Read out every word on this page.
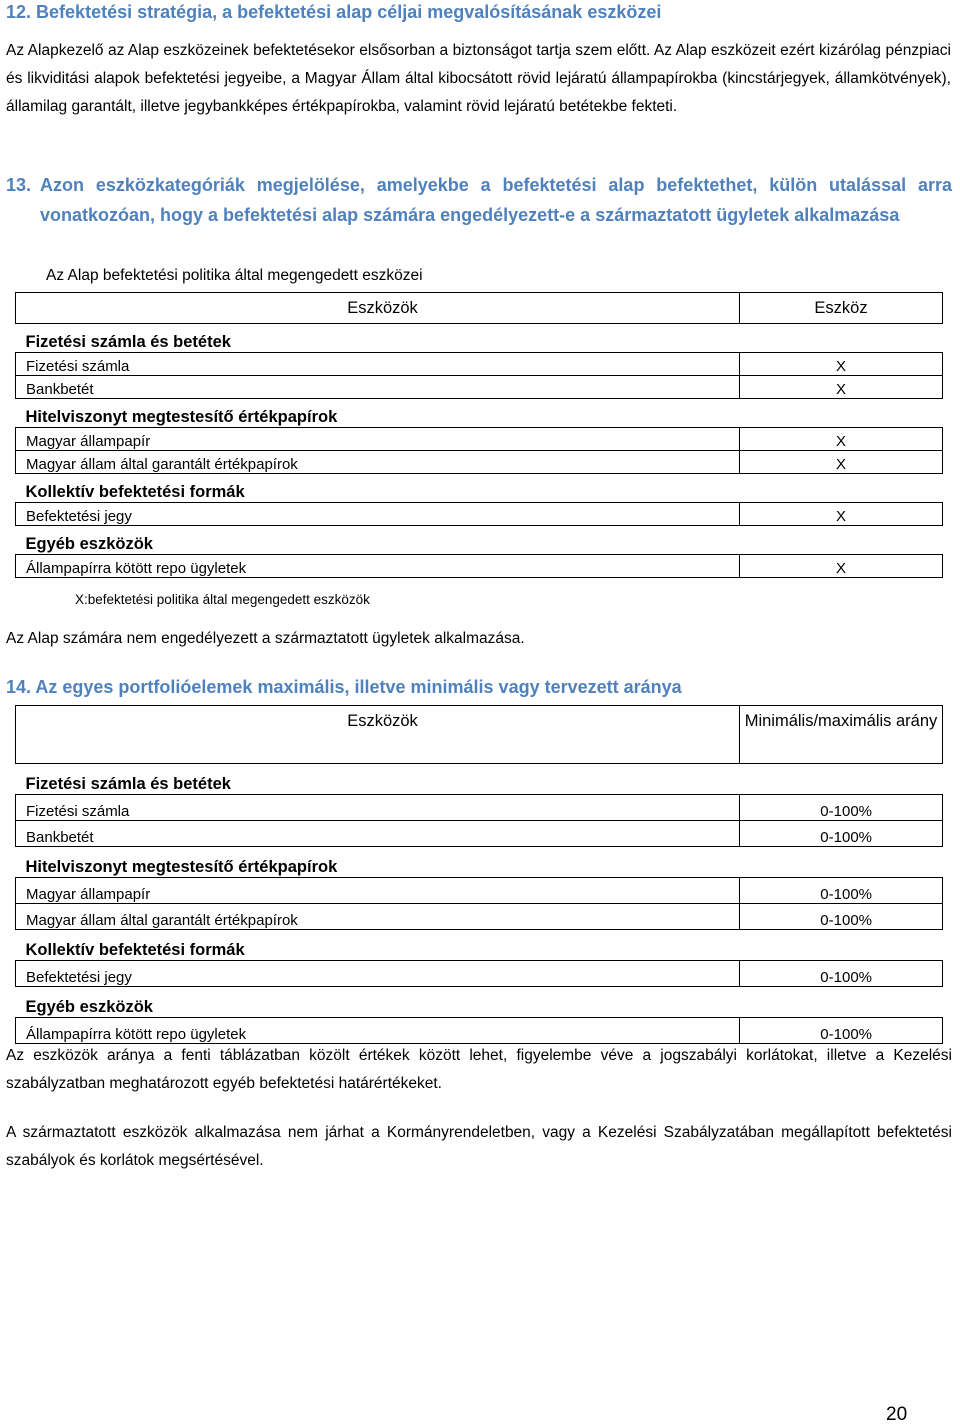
12. Befektetési stratégia, a befektetési alap céljai megvalósításának eszközei

Az Alapkezelő az Alap eszközeinek befektetésekor elsősorban a biztonságot tartja szem előtt. Az Alap eszközeit ezért kizárólag pénzpiaci és likviditási alapok befektetési jegyeibe, a Magyar Állam által kibocsátott rövid lejáratú állampapírokba (kincstárjegyek, államkötvények), államilag garantált, illetve jegybankképes értékpapírokba, valamint rövid lejáratú betétekbe fekteti.

13. Azon eszközkategóriák megjelölése, amelyekbe a befektetési alap befektethet, külön utalással arra vonatkozóan, hogy a befektetési alap számára engedélyezett-e a származtatott ügyletek alkalmazása
Az Alap befektetési politika által megengedett eszközei
Eszközök	Eszköz
Fizetési számla és betétek	
Fizetési számla	X
Bankbetét	X
Hitelviszonyt megtestesítő értékpapírok	
Magyar állampapír	X
Magyar állam által garantált értékpapírok	X
Kollektív befektetési formák	
Befektetési jegy	X
Egyéb eszközök	
Állampapírra kötött repo ügyletek	X
X:befektetési politika által megengedett eszközök
Az Alap számára nem engedélyezett a származtatott ügyletek alkalmazása.
14. Az egyes portfolióelemek maximális, illetve minimális vagy tervezett aránya
Eszközök	Minimális/maximális arány
Fizetési számla és betétek	
Fizetési számla	0-100%
Bankbetét	0-100%
Hitelviszonyt megtestesítő értékpapírok	
Magyar állampapír	0-100%
Magyar állam által garantált értékpapírok	0-100%
Kollektív befektetési formák	
Befektetési jegy	0-100%
Egyéb eszközök	
Állampapírra kötött repo ügyletek	0-100%

Az eszközök aránya a fenti táblázatban közölt értékek között lehet, figyelembe véve a jogszabályi korlátokat, illetve a Kezelési szabályzatban meghatározott egyéb befektetési határértékeket.

A származtatott eszközök alkalmazása nem járhat a Kormányrendeletben, vagy a Kezelési Szabályzatában megállapított befektetési szabályok és korlátok megsértésével.

20
